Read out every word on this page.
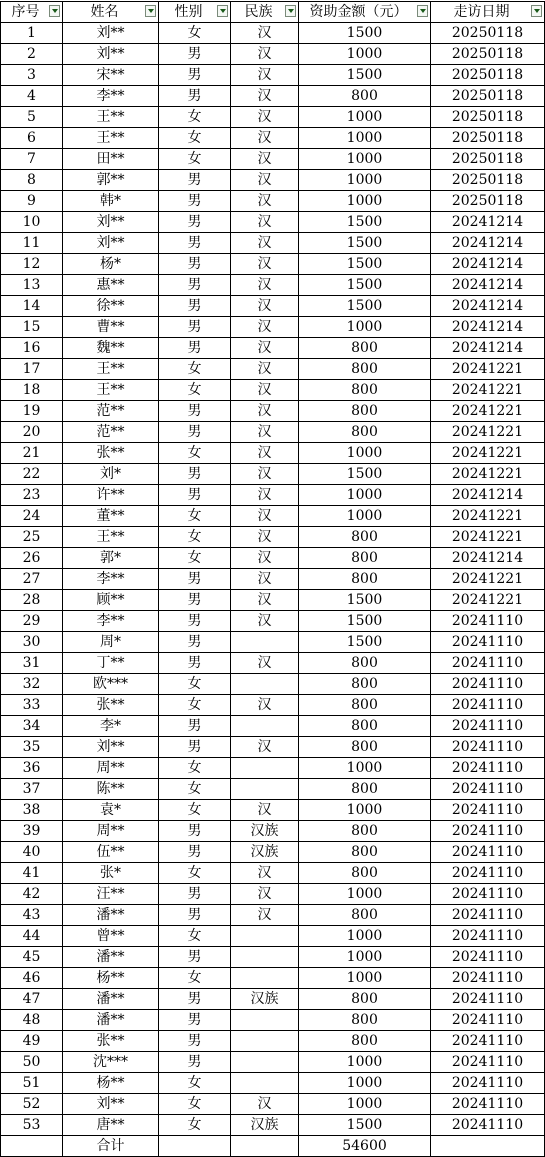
序号	姓名	性别	民族	资助金额（元）	走访日期

1	刘**	女	汉	1500	20250118
2	刘**	男	汉	1000	20250118
3	宋**	男	汉	1500	20250118
4	李**	男	汉	800	20250118
5	王**	女	汉	1000	20250118
6	王**	女	汉	1000	20250118
7	田**	女	汉	1000	20250118
8	郭**	男	汉	1000	20250118
9	韩*	男	汉	1000	20250118
10	刘**	男	汉	1500	20241214
11	刘**	男	汉	1500	20241214
12	杨*	男	汉	1500	20241214
13	惠**	男	汉	1500	20241214
14	徐**	男	汉	1500	20241214
15	曹**	男	汉	1000	20241214
16	魏**	男	汉	800	20241214
17	王**	女	汉	800	20241221
18	王**	女	汉	800	20241221
19	范**	男	汉	800	20241221
20	范**	男	汉	800	20241221
21	张**	女	汉	1000	20241221
22	刘*	男	汉	1500	20241221
23	许**	男	汉	1000	20241214
24	董**	女	汉	1000	20241221
25	王**	女	汉	800	20241221
26	郭*	女	汉	800	20241214
27	李**	男	汉	800	20241221
28	顾**	男	汉	1500	20241221
29	李**	男	汉	1500	20241110
30	周*	男		1500	20241110
31	丁**	男	汉	800	20241110
32	欧***	女		800	20241110
33	张**	女	汉	800	20241110
34	李*	男		800	20241110
35	刘**	男	汉	800	20241110
36	周**	女		1000	20241110
37	陈**	女		800	20241110
38	袁*	女	汉	1000	20241110
39	周**	男	汉族	800	20241110
40	伍**	男	汉族	800	20241110
41	张*	女	汉	800	20241110
42	汪**	男	汉	1000	20241110
43	潘**	男	汉	800	20241110
44	曾**	女		1000	20241110
45	潘**	男		1000	20241110
46	杨**	女		1000	20241110
47	潘**	男	汉族	800	20241110
48	潘**	男		800	20241110
49	张**	男		800	20241110
50	沈***	男		1000	20241110
51	杨**	女		1000	20241110
52	刘**	女	汉	1000	20241110
53	唐**	女	汉族	1500	20241110
	合计			54600	
